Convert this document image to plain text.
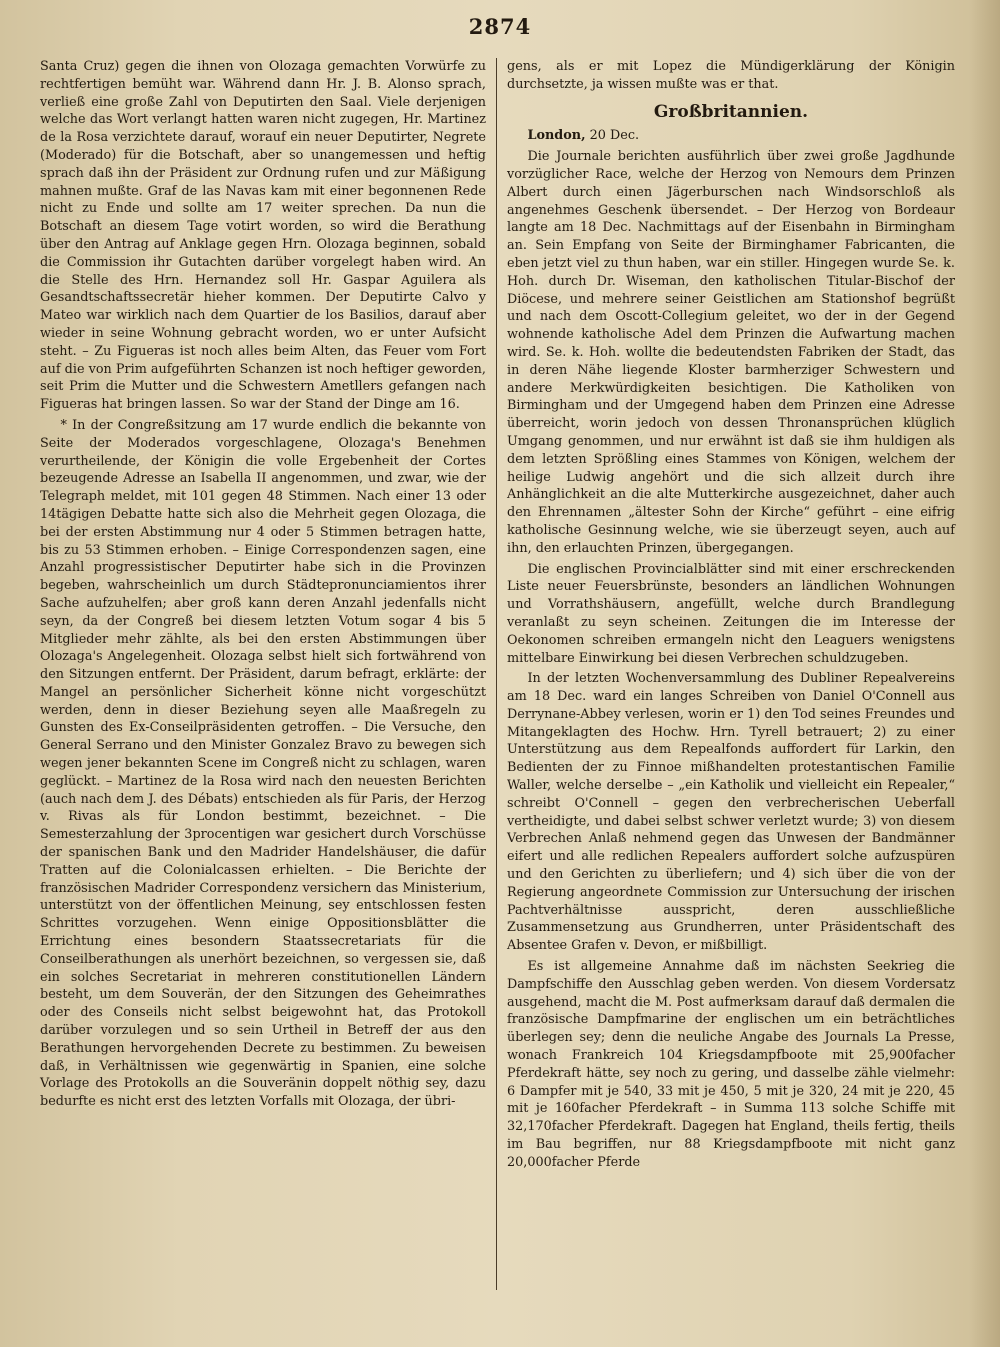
2874

Santa Cruz) gegen die ihnen von Olozaga gemachten Vorwürfe zu rechtfertigen bemüht war. Während dann Hr. J. B. Alonso sprach, verließ eine große Zahl von Deputirten den Saal. Viele derjenigen welche das Wort verlangt hatten waren nicht zugegen, Hr. Martinez de la Rosa verzichtete darauf, worauf ein neuer Deputirter, Negrete (Moderado) für die Botschaft, aber so unangemessen und heftig sprach daß ihn der Präsident zur Ordnung rufen und zur Mäßigung mahnen mußte. Graf de las Navas kam mit einer begonnenen Rede nicht zu Ende und sollte am 17 weiter sprechen. Da nun die Botschaft an diesem Tage votirt worden, so wird die Berathung über den Antrag auf Anklage gegen Hrn. Olozaga beginnen, sobald die Commission ihr Gutachten darüber vorgelegt haben wird. An die Stelle des Hrn. Hernandez soll Hr. Gaspar Aguilera als Gesandtschaftssecretär hieher kommen. Der Deputirte Calvo y Mateo war wirklich nach dem Quartier de los Basilios, darauf aber wieder in seine Wohnung gebracht worden, wo er unter Aufsicht steht. – Zu Figueras ist noch alles beim Alten, das Feuer vom Fort auf die von Prim aufgeführten Schanzen ist noch heftiger geworden, seit Prim die Mutter und die Schwestern Ametllers gefangen nach Figueras hat bringen lassen. So war der Stand der Dinge am 16.

* In der Congreßsitzung am 17 wurde endlich die bekannte von Seite der Moderados vorgeschlagene, Olozaga's Benehmen verurtheilende, der Königin die volle Ergebenheit der Cortes bezeugende Adresse an Isabella II angenommen, und zwar, wie der Telegraph meldet, mit 101 gegen 48 Stimmen. Nach einer 13 oder 14tägigen Debatte hatte sich also die Mehrheit gegen Olozaga, die bei der ersten Abstimmung nur 4 oder 5 Stimmen betragen hatte, bis zu 53 Stimmen erhoben. – Einige Correspondenzen sagen, eine Anzahl progressistischer Deputirter habe sich in die Provinzen begeben, wahrscheinlich um durch Städtepronunciamientos ihrer Sache aufzuhelfen; aber groß kann deren Anzahl jedenfalls nicht seyn, da der Congreß bei diesem letzten Votum sogar 4 bis 5 Mitglieder mehr zählte, als bei den ersten Abstimmungen über Olozaga's Angelegenheit. Olozaga selbst hielt sich fortwährend von den Sitzungen entfernt. Der Präsident, darum befragt, erklärte: der Mangel an persönlicher Sicherheit könne nicht vorgeschützt werden, denn in dieser Beziehung seyen alle Maaßregeln zu Gunsten des Ex-Conseilpräsidenten getroffen. – Die Versuche, den General Serrano und den Minister Gonzalez Bravo zu bewegen sich wegen jener bekannten Scene im Congreß nicht zu schlagen, waren geglückt. – Martinez de la Rosa wird nach den neuesten Berichten (auch nach dem J. des Débats) entschieden als für Paris, der Herzog v. Rivas als für London bestimmt, bezeichnet. – Die Semesterzahlung der 3procentigen war gesichert durch Vorschüsse der spanischen Bank und den Madrider Handelshäuser, die dafür Tratten auf die Colonialcassen erhielten. – Die Berichte der französischen Madrider Correspondenz versichern das Ministerium, unterstützt von der öffentlichen Meinung, sey entschlossen festen Schrittes vorzugehen. Wenn einige Oppositionsblätter die Errichtung eines besondern Staatssecretariats für die Conseilberathungen als unerhört bezeichnen, so vergessen sie, daß ein solches Secretariat in mehreren constitutionellen Ländern besteht, um dem Souverän, der den Sitzungen des Geheimrathes oder des Conseils nicht selbst beigewohnt hat, das Protokoll darüber vorzulegen und so sein Urtheil in Betreff der aus den Berathungen hervorgehenden Decrete zu bestimmen. Zu beweisen daß, in Verhältnissen wie gegenwärtig in Spanien, eine solche Vorlage des Protokolls an die Souveränin doppelt nöthig sey, dazu bedurfte es nicht erst des letzten Vorfalls mit Olozaga, der übri-

gens, als er mit Lopez die Mündigerklärung der Königin durchsetzte, ja wissen mußte was er that.

Großbritannien.

London, 20 Dec.

Die Journale berichten ausführlich über zwei große Jagdhunde vorzüglicher Race, welche der Herzog von Nemours dem Prinzen Albert durch einen Jägerburschen nach Windsorschloß als angenehmes Geschenk übersendet. – Der Herzog von Bordeaur langte am 18 Dec. Nachmittags auf der Eisenbahn in Birmingham an. Sein Empfang von Seite der Birminghamer Fabricanten, die eben jetzt viel zu thun haben, war ein stiller. Hingegen wurde Se. k. Hoh. durch Dr. Wiseman, den katholischen Titular-Bischof der Diöcese, und mehrere seiner Geistlichen am Stationshof begrüßt und nach dem Oscott-Collegium geleitet, wo der in der Gegend wohnende katholische Adel dem Prinzen die Aufwartung machen wird. Se. k. Hoh. wollte die bedeutendsten Fabriken der Stadt, das in deren Nähe liegende Kloster barmherziger Schwestern und andere Merkwürdigkeiten besichtigen. Die Katholiken von Birmingham und der Umgegend haben dem Prinzen eine Adresse überreicht, worin jedoch von dessen Thronansprüchen klüglich Umgang genommen, und nur erwähnt ist daß sie ihm huldigen als dem letzten Sprößling eines Stammes von Königen, welchem der heilige Ludwig angehört und die sich allzeit durch ihre Anhänglichkeit an die alte Mutterkirche ausgezeichnet, daher auch den Ehrennamen „ältester Sohn der Kirche“ geführt – eine eifrig katholische Gesinnung welche, wie sie überzeugt seyen, auch auf ihn, den erlauchten Prinzen, übergegangen.

Die englischen Provincialblätter sind mit einer erschreckenden Liste neuer Feuersbrünste, besonders an ländlichen Wohnungen und Vorrathshäusern, angefüllt, welche durch Brandlegung veranlaßt zu seyn scheinen. Zeitungen die im Interesse der Oekonomen schreiben ermangeln nicht den Leaguers wenigstens mittelbare Einwirkung bei diesen Verbrechen schuldzugeben.

In der letzten Wochenversammlung des Dubliner Repealvereins am 18 Dec. ward ein langes Schreiben von Daniel O'Connell aus Derrynane-Abbey verlesen, worin er 1) den Tod seines Freundes und Mitangeklagten des Hochw. Hrn. Tyrell betrauert; 2) zu einer Unterstützung aus dem Repealfonds auffordert für Larkin, den Bedienten der zu Finnoe mißhandelten protestantischen Familie Waller, welche derselbe – „ein Katholik und vielleicht ein Repealer,“ schreibt O'Connell – gegen den verbrecherischen Ueberfall vertheidigte, und dabei selbst schwer verletzt wurde; 3) von diesem Verbrechen Anlaß nehmend gegen das Unwesen der Bandmänner eifert und alle redlichen Repealers auffordert solche aufzuspüren und den Gerichten zu überliefern; und 4) sich über die von der Regierung angeordnete Commission zur Untersuchung der irischen Pachtverhältnisse ausspricht, deren ausschließliche Zusammensetzung aus Grundherren, unter Präsidentschaft des Absentee Grafen v. Devon, er mißbilligt.

Es ist allgemeine Annahme daß im nächsten Seekrieg die Dampfschiffe den Ausschlag geben werden. Von diesem Vordersatz ausgehend, macht die M. Post aufmerksam darauf daß dermalen die französische Dampfmarine der englischen um ein beträchtliches überlegen sey; denn die neuliche Angabe des Journals La Presse, wonach Frankreich 104 Kriegsdampfboote mit 25,900facher Pferdekraft hätte, sey noch zu gering, und dasselbe zähle vielmehr: 6 Dampfer mit je 540, 33 mit je 450, 5 mit je 320, 24 mit je 220, 45 mit je 160facher Pferdekraft – in Summa 113 solche Schiffe mit 32,170facher Pferdekraft. Dagegen hat England, theils fertig, theils im Bau begriffen, nur 88 Kriegsdampfboote mit nicht ganz 20,000facher Pferde
